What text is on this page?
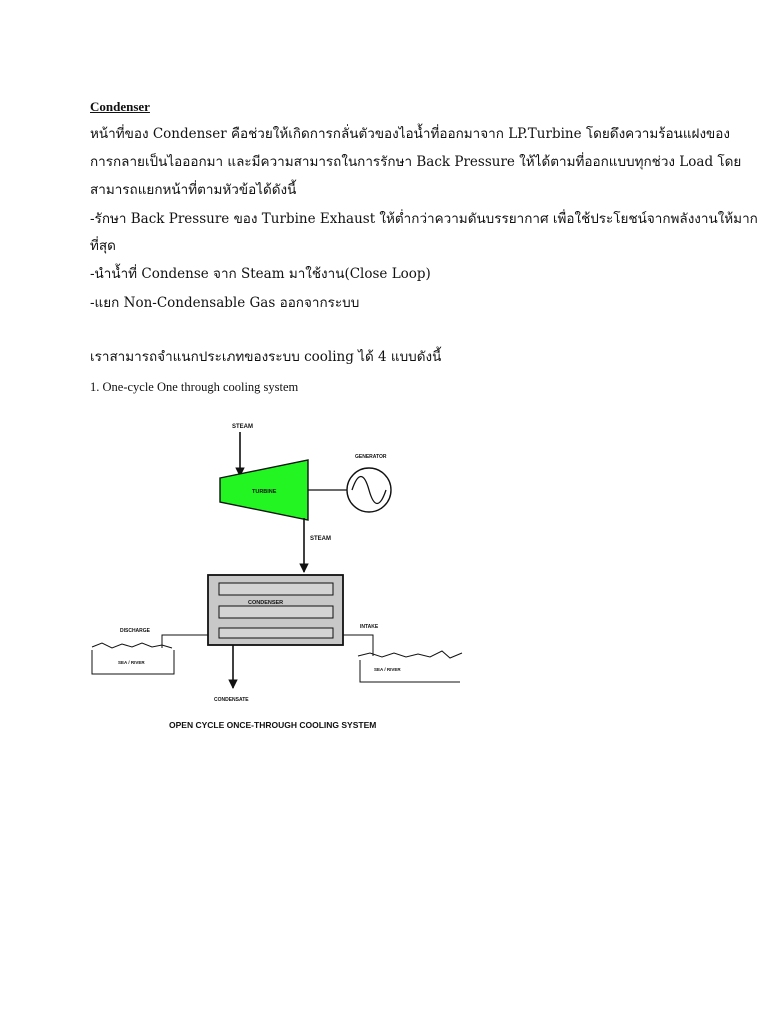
Condenser

หน้าที่ของ Condenser คือช่วยให้เกิดการกลั่นตัวของไอน้ำที่ออกมาจาก LP.Turbine โดยดึงความร้อนแฝงของ

การกลายเป็นไอออกมา และมีความสามารถในการรักษา Back Pressure ให้ได้ตามที่ออกแบบทุกช่วง Load โดย

สามารถแยกหน้าที่ตามหัวข้อได้ดังนี้

-รักษา Back Pressure ของ Turbine Exhaust ให้ต่ำกว่าความดันบรรยากาศ เพื่อใช้ประโยชน์จากพลังงานให้มาก

ที่สุด

-นำน้ำที่ Condense จาก Steam มาใช้งาน(Close Loop)

-แยก Non-Condensable Gas ออกจากระบบ

เราสามารถจำแนกประเภทของระบบ cooling ได้ 4 แบบดังนี้

1. One-cycle One through cooling system

STEAM
TURBINE
GENERATOR
STEAM
CONDENSER
DISCHARGE
SEA / RIVER
INTAKE
SEA / RIVER
CONDENSATE
OPEN CYCLE ONCE-THROUGH COOLING SYSTEM
